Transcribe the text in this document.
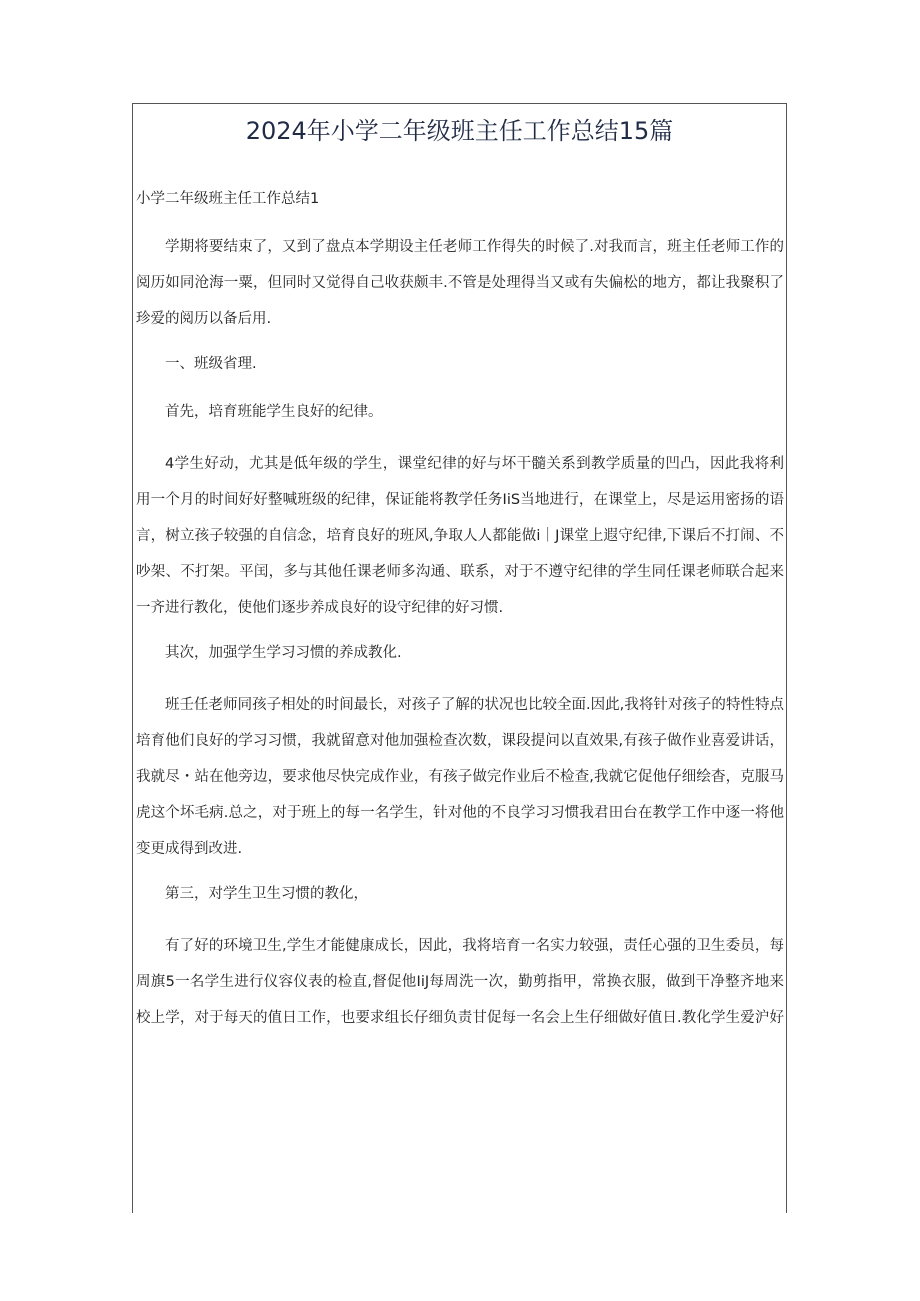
2024年小学二年级班主任工作总结15篇
小学二年级班主任工作总结1
学期将要结束了，又到了盘点本学期设主任老师工作得失的时候了.对我而言，班主任老师工作的
阅历如同沧海一粟，但同时又觉得自己收获颇丰.不管是处理得当又或有失偏松的地方，都让我聚积了
珍爱的阅历以备后用.
一、班级省理.
首先，培育班能学生良好的纪律。
4学生好动，尤其是低年级的学生，课堂纪律的好与坏干髓关系到教学质量的凹凸，因此我将利
用一个月的时间好好整喊班级的纪律，保证能将教学任务IiS当地进行，在课堂上，尽是运用密扬的语
言，树立孩子较强的自信念，培育良好的班风,争取人人都能做i｜J课堂上遐守纪律,下课后不打闹、不
吵架、不打架。平闰，多与其他任课老师多沟通、联系，对于不遵守纪律的学生同任课老师联合起来
一齐进行教化，使他们逐步养成良好的设守纪律的好习惯.
其次，加强学生学习习惯的养成教化.
班壬任老师同孩子相处的时间最长，对孩子了解的状况也比较全面.因此,我将针对孩子的特性特点
培育他们良好的学习习惯，我就留意对他加强检查次数，课段提问以直效果,有孩子做作业喜爱讲话，
我就尽・站在他旁边，要求他尽快完成作业，有孩子做完作业后不检查,我就它促他仔细绘杳，克服马
虎这个坏毛病.总之，对于班上的每一名学生，针对他的不良学习习惯我君田台在教学工作中逐一将他
变更成得到改进.
第三，对学生卫生习惯的教化，
有了好的环境卫生,学生才能健康成长，因此，我将培育一名实力较强，责任心强的卫生委员，每
周旗5一名学生进行仪容仪表的检直,督促他IiJ每周洗一次，勤剪指甲，常换衣服，做到干净整齐地来
校上学，对于每天的值日工作，也要求组长仔细负责甘促每一名会上生仔细做好值日.教化学生爱沪好
